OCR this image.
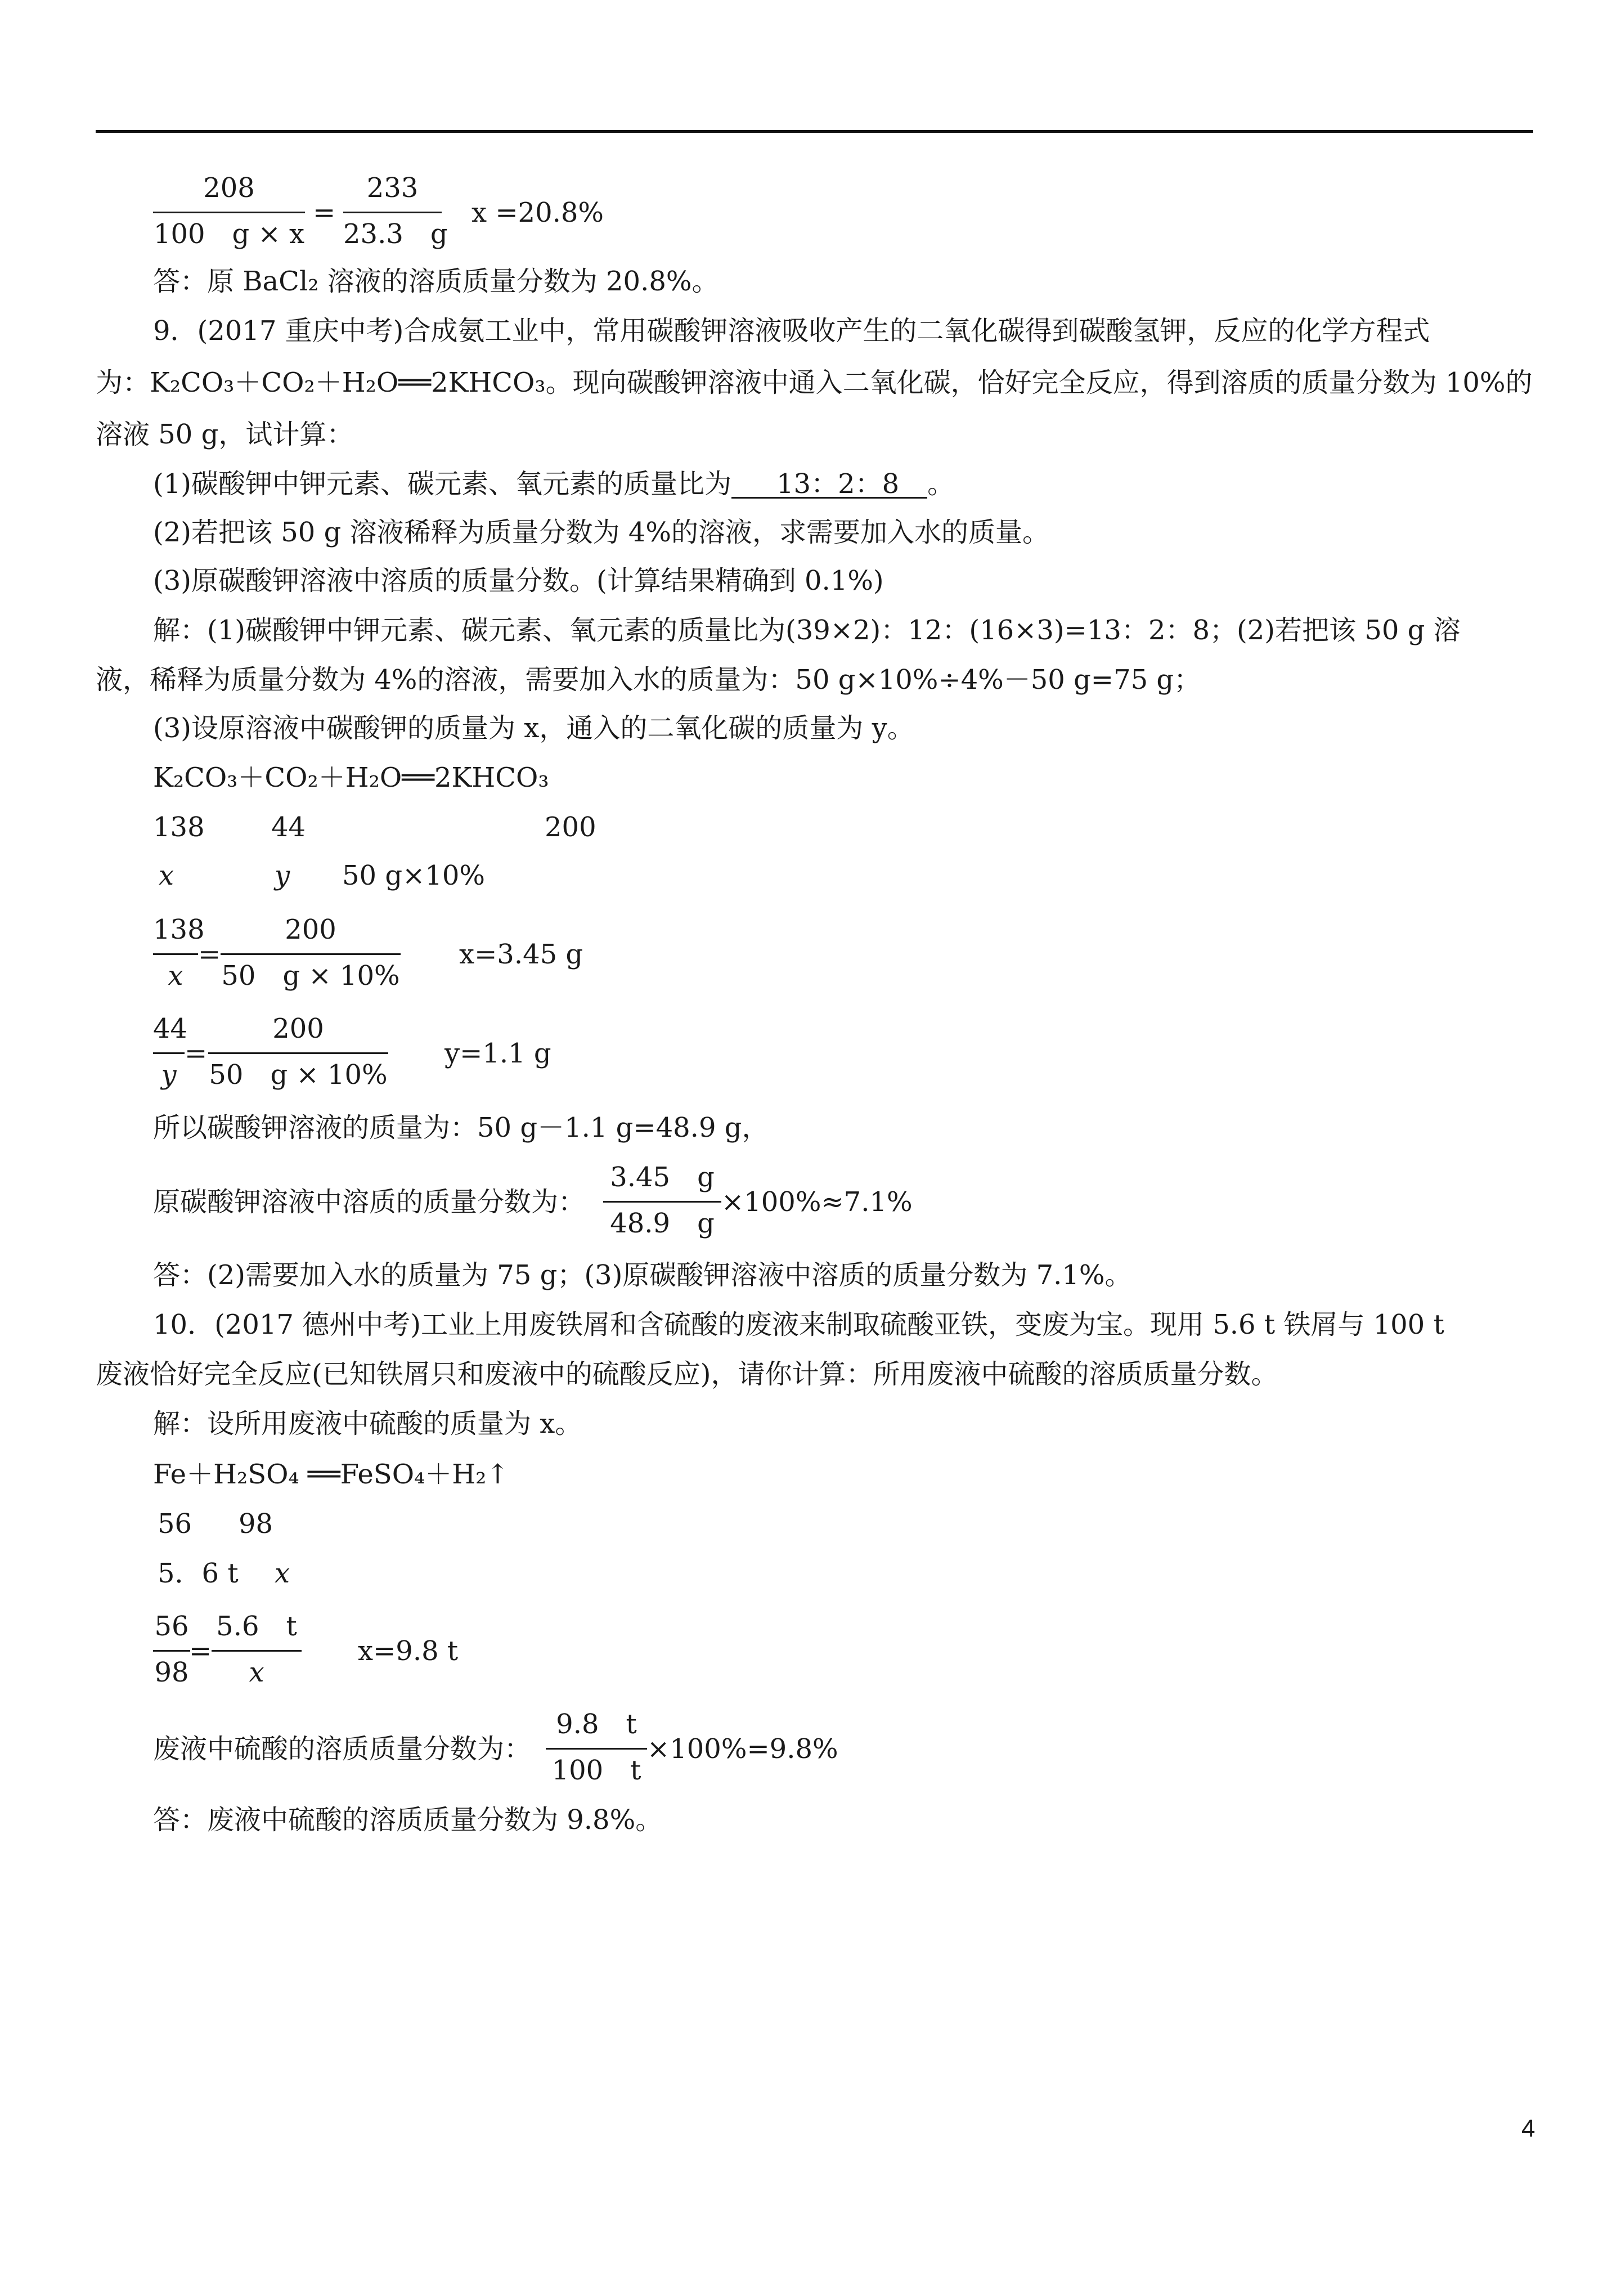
208
100　g × x
=
233
23.3　g
x =20.8%
答：原 BaCl₂ 溶液的溶质质量分数为 20.8%。
9．(2017 重庆中考)合成氨工业中，常用碳酸钾溶液吸收产生的二氧化碳得到碳酸氢钾，反应的化学方程式
为：K₂CO₃＋CO₂＋H₂O══2KHCO₃。现向碳酸钾溶液中通入二氧化碳，恰好完全反应，得到溶质的质量分数为 10%的
溶液 50 g，试计算：
(1)碳酸钾中钾元素、碳元素、氧元素的质量比为 13：2：8 。
(2)若把该 50 g 溶液稀释为质量分数为 4%的溶液，求需要加入水的质量。
(3)原碳酸钾溶液中溶质的质量分数。(计算结果精确到 0.1%)
解：(1)碳酸钾中钾元素、碳元素、氧元素的质量比为(39×2)：12：(16×3)=13：2：8；(2)若把该 50 g 溶
液，稀释为质量分数为 4%的溶液，需要加入水的质量为：50 g×10%÷4%－50 g=75 g；
(3)设原溶液中碳酸钾的质量为 x，通入的二氧化碳的质量为 y。
K₂CO₃＋CO₂＋H₂O══2KHCO₃
138 44	200
x	y 50 g×10%
138
x
=
200
50　g × 10%
x=3.45 g
44
y
=
200
50　g × 10%
y=1.1 g
所以碳酸钾溶液的质量为：50 g－1.1 g=48.9 g，
原碳酸钾溶液中溶质的质量分数为：
3.45　g
48.9　g
×100%≈7.1%
答：(2)需要加入水的质量为 75 g；(3)原碳酸钾溶液中溶质的质量分数为 7.1%。
10．(2017 德州中考)工业上用废铁屑和含硫酸的废液来制取硫酸亚铁，变废为宝。现用 5.6 t 铁屑与 100 t
废液恰好完全反应(已知铁屑只和废液中的硫酸反应)，请你计算：所用废液中硫酸的溶质质量分数。
解：设所用废液中硫酸的质量为 x。
Fe＋H₂SO₄ ══FeSO₄＋H₂↑
56 98
5．6 t x
56
98
=
5.6　t
x
x=9.8 t
废液中硫酸的溶质质量分数为：
9.8　t
100　t
×100%=9.8%
答：废液中硫酸的溶质质量分数为 9.8%。
4
